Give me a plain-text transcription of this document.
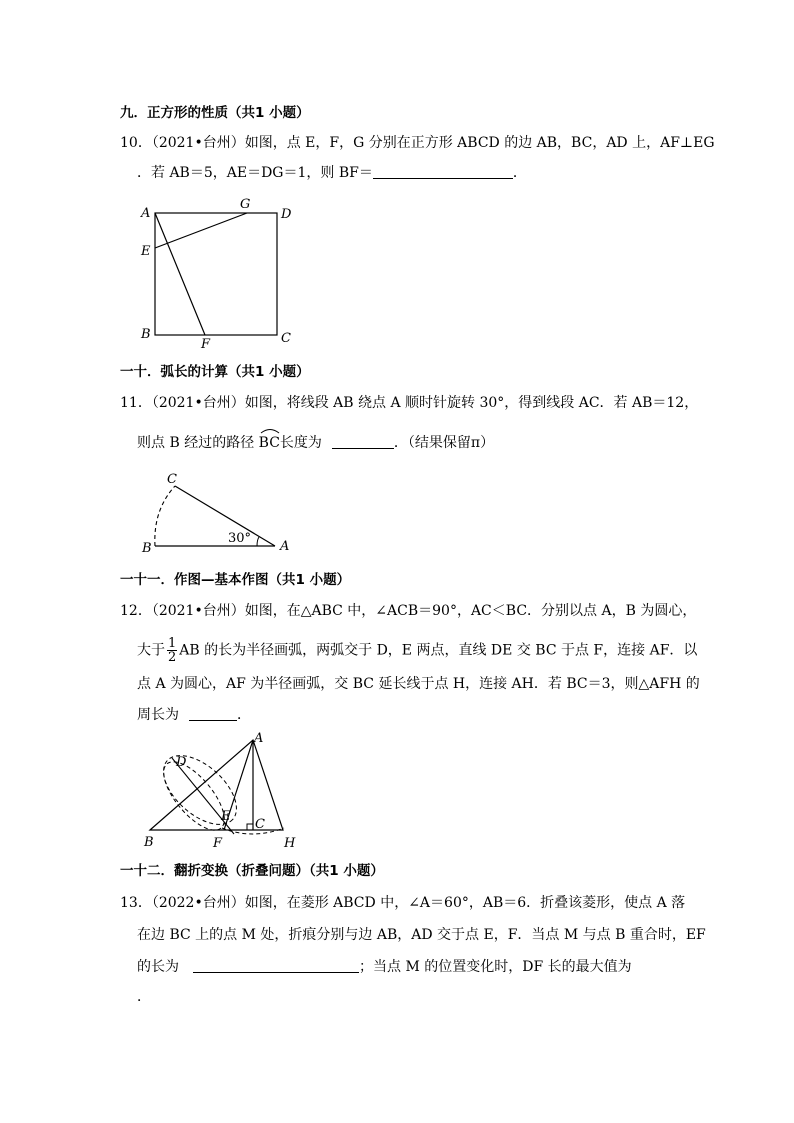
九．正方形的性质（共1 小题）
10．（2021•台州）如图，点 E，F，G 分别在正方形 ABCD 的边 AB，BC，AD 上，AF⊥EG
．若 AB＝5，AE＝DG＝1，则 BF＝	．
A	D
G
E
B	C
F
一十．弧长的计算（共1 小题）
11．（2021•台州）如图，将线段 AB 绕点 A 顺时针旋转 30°，得到线段 AC．若 AB＝12，
则点 B 经过的路径
BC长度为	．（结果保留π）
C
B	A
30°
一十一．作图—基本作图（共1 小题）
12．（2021•台州）如图，在△ABC 中，∠ACB＝90°，AC＜BC．分别以点 A，B 为圆心，
大于 $\frac{1}{2}$ AB 的长为半径画弧，两弧交于 D，E 两点，直线 DE 交 BC 于点 F，连接 AF．以
点 A 为圆心，AF 为半径画弧，交 BC 延长线于点 H，连接 AH．若 BC＝3，则△AFH 的
周长为	．
A
D
E
C
B	F	H
一十二．翻折变换（折叠问题）（共1 小题）
13．（2022•台州）如图，在菱形 ABCD 中，∠A＝60°，AB＝6．折叠该菱形，使点 A 落
在边 BC 上的点 M 处，折痕分别与边 AB，AD 交于点 E，F．当点 M 与点 B 重合时，EF
的长为	；当点 M 的位置变化时，DF 长的最大值为
．
